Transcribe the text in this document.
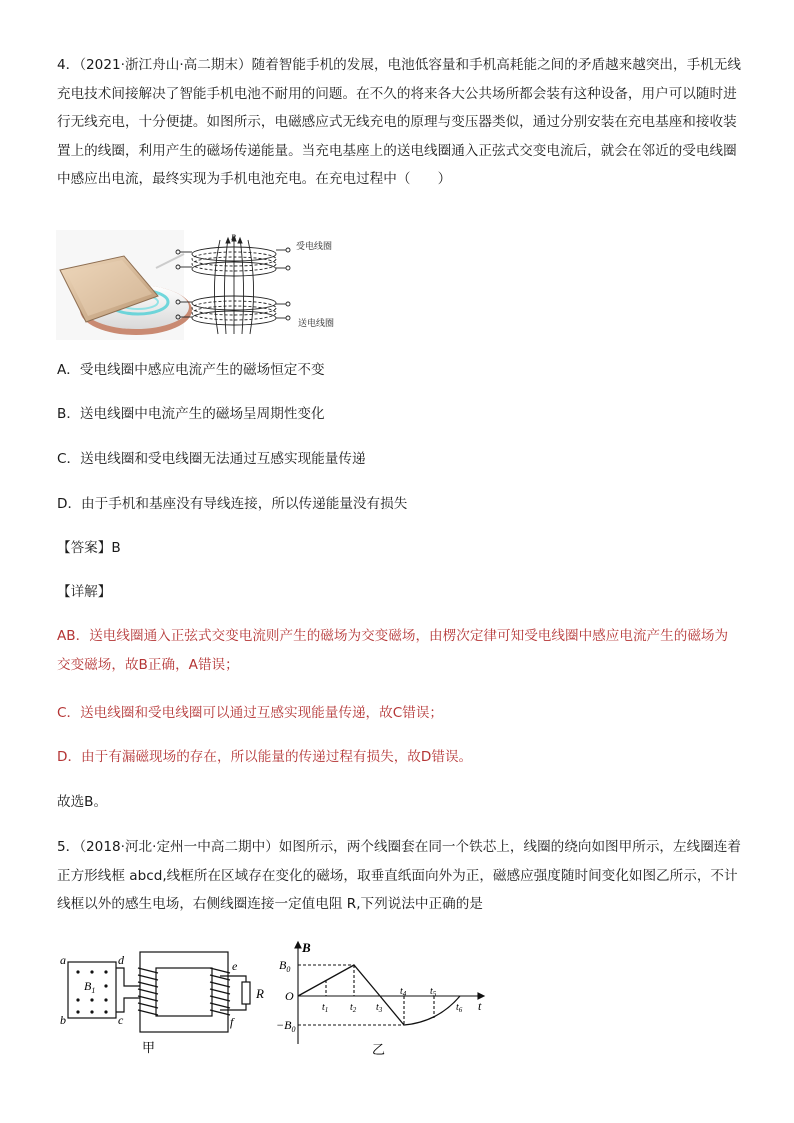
4．（2021·浙江舟山·高二期末）随着智能手机的发展，电池低容量和手机高耗能之间的矛盾越来越突出，手机无线充电技术间接解决了智能手机电池不耐用的问题。在不久的将来各大公共场所都会装有这种设备，用户可以随时进行无线充电，十分便捷。如图所示，电磁感应式无线充电的原理与变压器类似，通过分别安装在充电基座和接收装置上的线圈，利用产生的磁场传递能量。当充电基座上的送电线圈通入正弦式交变电流后，就会在邻近的受电线圈中感应出电流，最终实现为手机电池充电。在充电过程中（　　）

B
受电线圈
送电线圈

A．受电线圈中感应电流产生的磁场恒定不变

B．送电线圈中电流产生的磁场呈周期性变化

C．送电线圈和受电线圈无法通过互感实现能量传递

D．由于手机和基座没有导线连接，所以传递能量没有损失

【答案】B

【详解】

AB．送电线圈通入正弦式交变电流则产生的磁场为交变磁场，由楞次定律可知受电线圈中感应电流产生的磁场为交变磁场，故B正确，A错误；

C．送电线圈和受电线圈可以通过互感实现能量传递，故C错误；

D．由于有漏磁现场的存在，所以能量的传递过程有损失，故D错误。

故选B。

5．（2018·河北·定州一中高二期中）如图所示，两个线圈套在同一个铁芯上，线圈的绕向如图甲所示，左线圈连着正方形线框 abcd,线框所在区域存在变化的磁场，取垂直纸面向外为正，磁感应强度随时间变化如图乙所示，不计线框以外的感生电场，右侧线圈连接一定值电阻 R,下列说法中正确的是

a
b	c
d	e
f
$B_1$	R
甲
B
$B_0$
O
$-B_0$
t
$t_1$ $t_2$ $t_3$
$t_4$ $t_5$
$t_6$
乙
